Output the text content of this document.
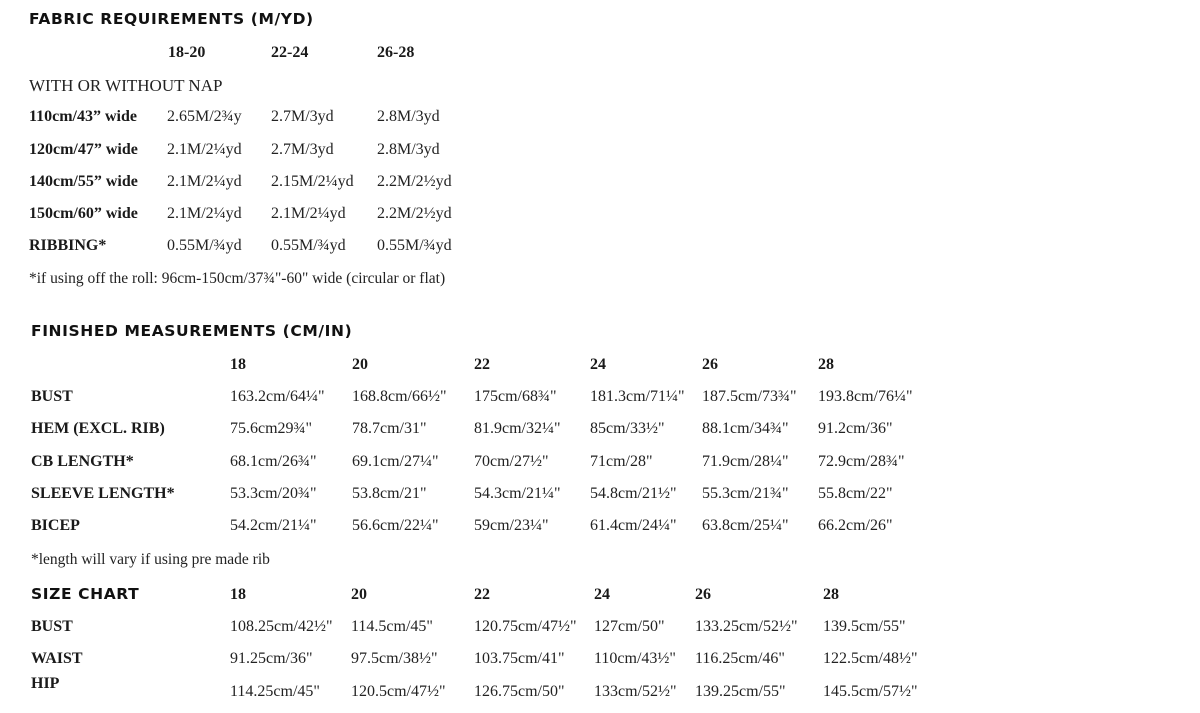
FABRIC REQUIREMENTS (M/YD)
18-20	22-24	26-28
WITH OR WITHOUT NAP
110cm/43” wide 2.65M/2¾y 2.7M/3yd	2.8M/3yd
120cm/47” wide 2.1M/2¼yd 2.7M/3yd	2.8M/3yd
140cm/55” wide 2.1M/2¼yd 2.15M/2¼yd 2.2M/2½yd
150cm/60” wide 2.1M/2¼yd 2.1M/2¼yd 2.2M/2½yd
RIBBING*	0.55M/¾yd 0.55M/¾yd 0.55M/¾yd
*if using off the roll: 96cm-150cm/37¾"-60" wide (circular or flat)
FINISHED MEASUREMENTS (CM/IN)
18	20	22	24	26	28
BUST	163.2cm/64¼" 168.8cm/66½" 175cm/68¾" 181.3cm/71¼" 187.5cm/73¾" 193.8cm/76¼"
HEM (EXCL. RIB)	75.6cm29¾" 78.7cm/31"	81.9cm/32¼" 85cm/33½" 88.1cm/34¾" 91.2cm/36"
CB LENGTH*	68.1cm/26¾" 69.1cm/27¼" 70cm/27½"	71cm/28"	71.9cm/28¼" 72.9cm/28¾"
SLEEVE LENGTH*	53.3cm/20¾" 53.8cm/21"	54.3cm/21¼" 54.8cm/21½" 55.3cm/21¾" 55.8cm/22"
BICEP	54.2cm/21¼" 56.6cm/22¼" 59cm/23¼"	61.4cm/24¼" 63.8cm/25¼" 66.2cm/26"
*length will vary if using pre made rib
SIZE CHART	18	20	22	24	26	28
BUST	108.25cm/42½" 114.5cm/45"	120.75cm/47½" 127cm/50" 133.25cm/52½" 139.5cm/55"
WAIST	91.25cm/36" 97.5cm/38½" 103.75cm/41" 110cm/43½" 116.25cm/46" 122.5cm/48½"
HIP	114.25cm/45" 120.5cm/47½" 126.75cm/50" 133cm/52½" 139.25cm/55" 145.5cm/57½"
